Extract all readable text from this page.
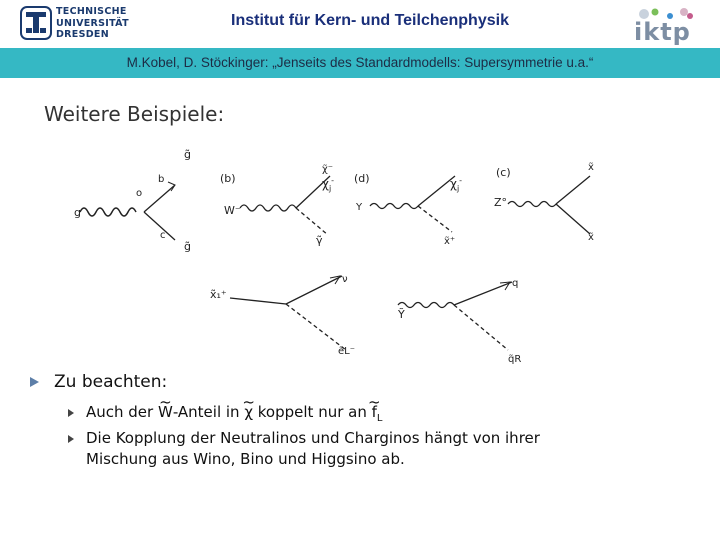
TECHNISCHE
UNIVERSITÄT
DRESDEN
Institut für Kern- und Teilchenphysik	iktp
M.Kobel, D. Stöckinger: „Jenseits des Standardmodells: Supersymmetrie u.a.“
Weitere Beispiele:
g̃
b
o
g
c
g̃
(b)
W⁻
χ̃⁻
γ̃
$\chi_j^-$ (d)
Y
x̃⁺
$\chi_j^-$
(c)
Z°
x̃
x̃
x̃₁⁺
ν
ẽL⁻
Ỹ
q
q̃R
Zu beachten:
Auch der ~ W-Anteil in ~ χ koppelt nur an ~ $f_L$
Die Kopplung der Neutralinos und Charginos hängt von ihrer Mischung aus Wino, Bino und Higgsino ab.
